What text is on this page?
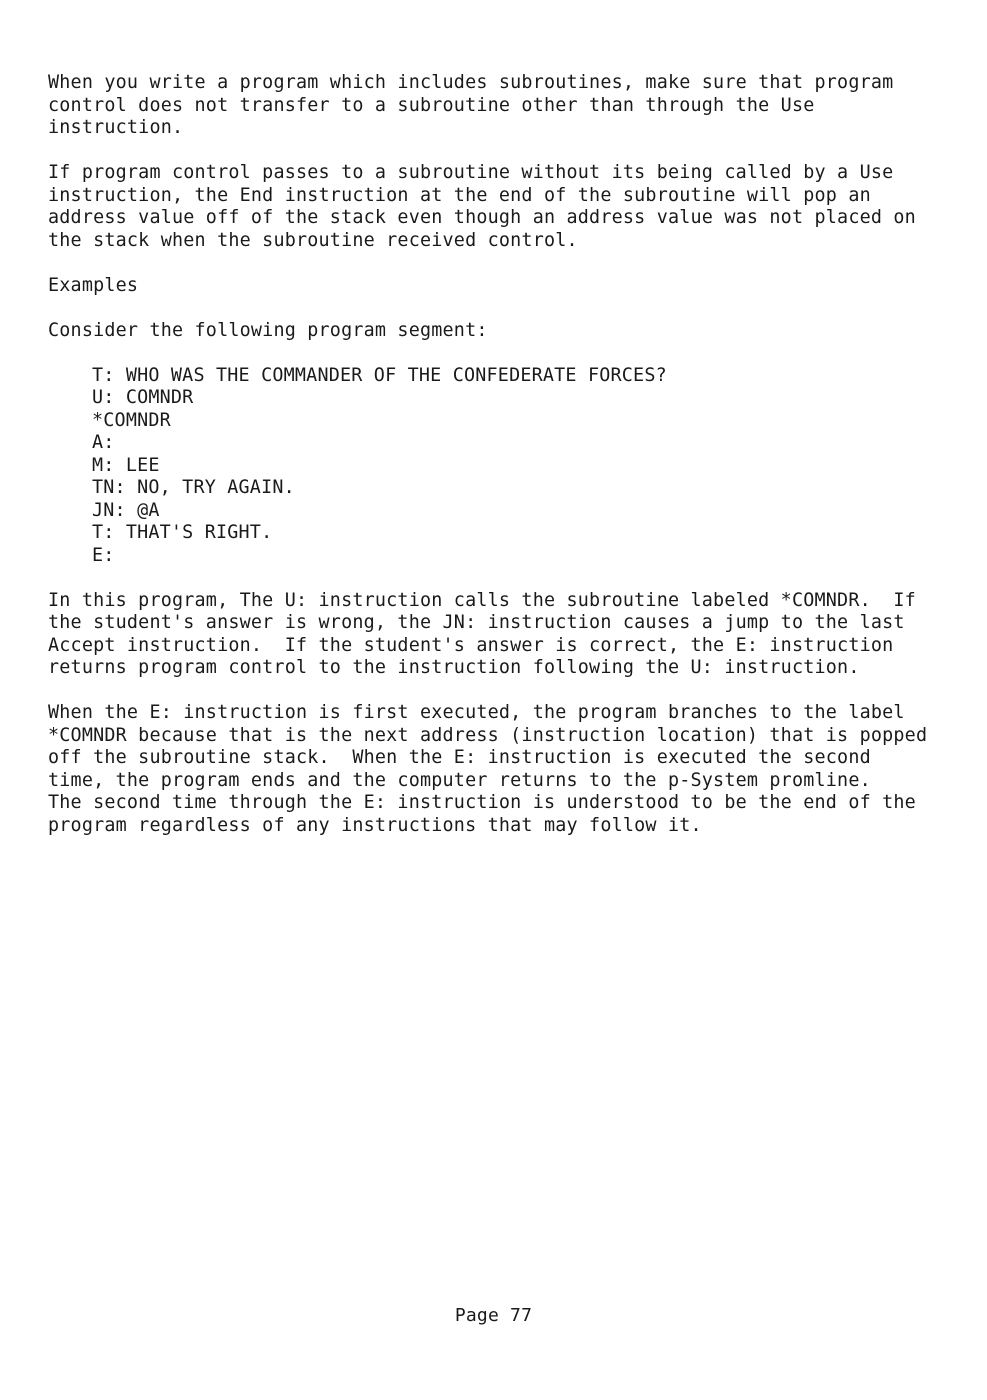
When you write a program which includes subroutines, make sure that program

control does not transfer to a subroutine other than through the Use

instruction.

If program control passes to a subroutine without its being called by a Use

instruction, the End instruction at the end of the subroutine will pop an

address value off of the stack even though an address value was not placed on

the stack when the subroutine received control.

Examples

Consider the following program segment:

T: WHO WAS THE COMMANDER OF THE CONFEDERATE FORCES?

U: COMNDR

*COMNDR

A:

M: LEE

TN: NO, TRY AGAIN.

JN: @A

T: THAT'S RIGHT.

E:

In this program, The U: instruction calls the subroutine labeled *COMNDR.  If

the student's answer is wrong, the JN: instruction causes a jump to the last

Accept instruction.  If the student's answer is correct, the E: instruction

returns program control to the instruction following the U: instruction.

When the E: instruction is first executed, the program branches to the label

*COMNDR because that is the next address (instruction location) that is popped

off the subroutine stack.  When the E: instruction is executed the second

time, the program ends and the computer returns to the p-System promline.

The second time through the E: instruction is understood to be the end of the

program regardless of any instructions that may follow it.

Page 77
